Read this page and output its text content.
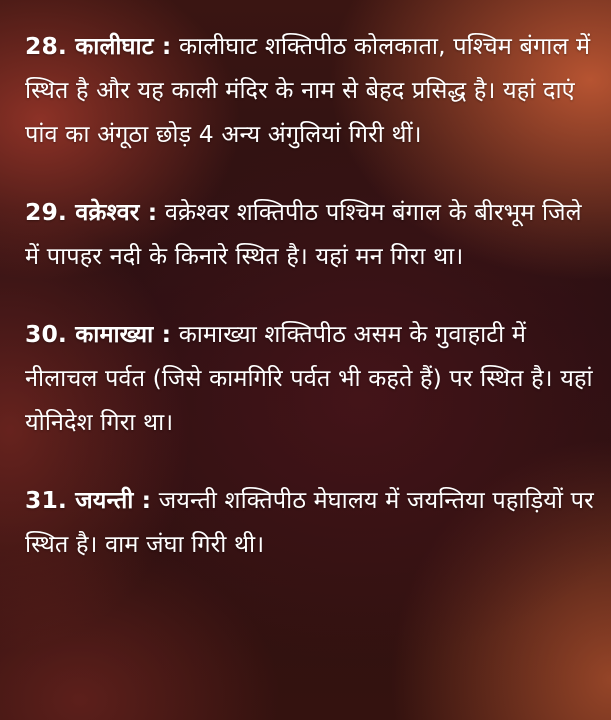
28. कालीघाट : कालीघाट शक्तिपीठ कोलकाता, पश्चिम बंगाल में स्थित है और यह काली मंदिर के नाम से बेहद प्रसिद्ध है। यहां दाएं पांव का अंगूठा छोड़ 4 अन्य अंगुलियां गिरी थीं।

29. वक्रेश्वर : वक्रेश्वर शक्तिपीठ पश्चिम बंगाल के बीरभूम जिले में पापहर नदी के किनारे स्थित है। यहां मन गिरा था।

30. कामाख्या : कामाख्या शक्तिपीठ असम के गुवाहाटी में नीलाचल पर्वत (जिसे कामगिरि पर्वत भी कहते हैं) पर स्थित है। यहां योनिदेश गिरा था।

31. जयन्ती : जयन्ती शक्तिपीठ मेघालय में जयन्तिया पहाड़ियों पर स्थित है। वाम जंघा गिरी थी।
